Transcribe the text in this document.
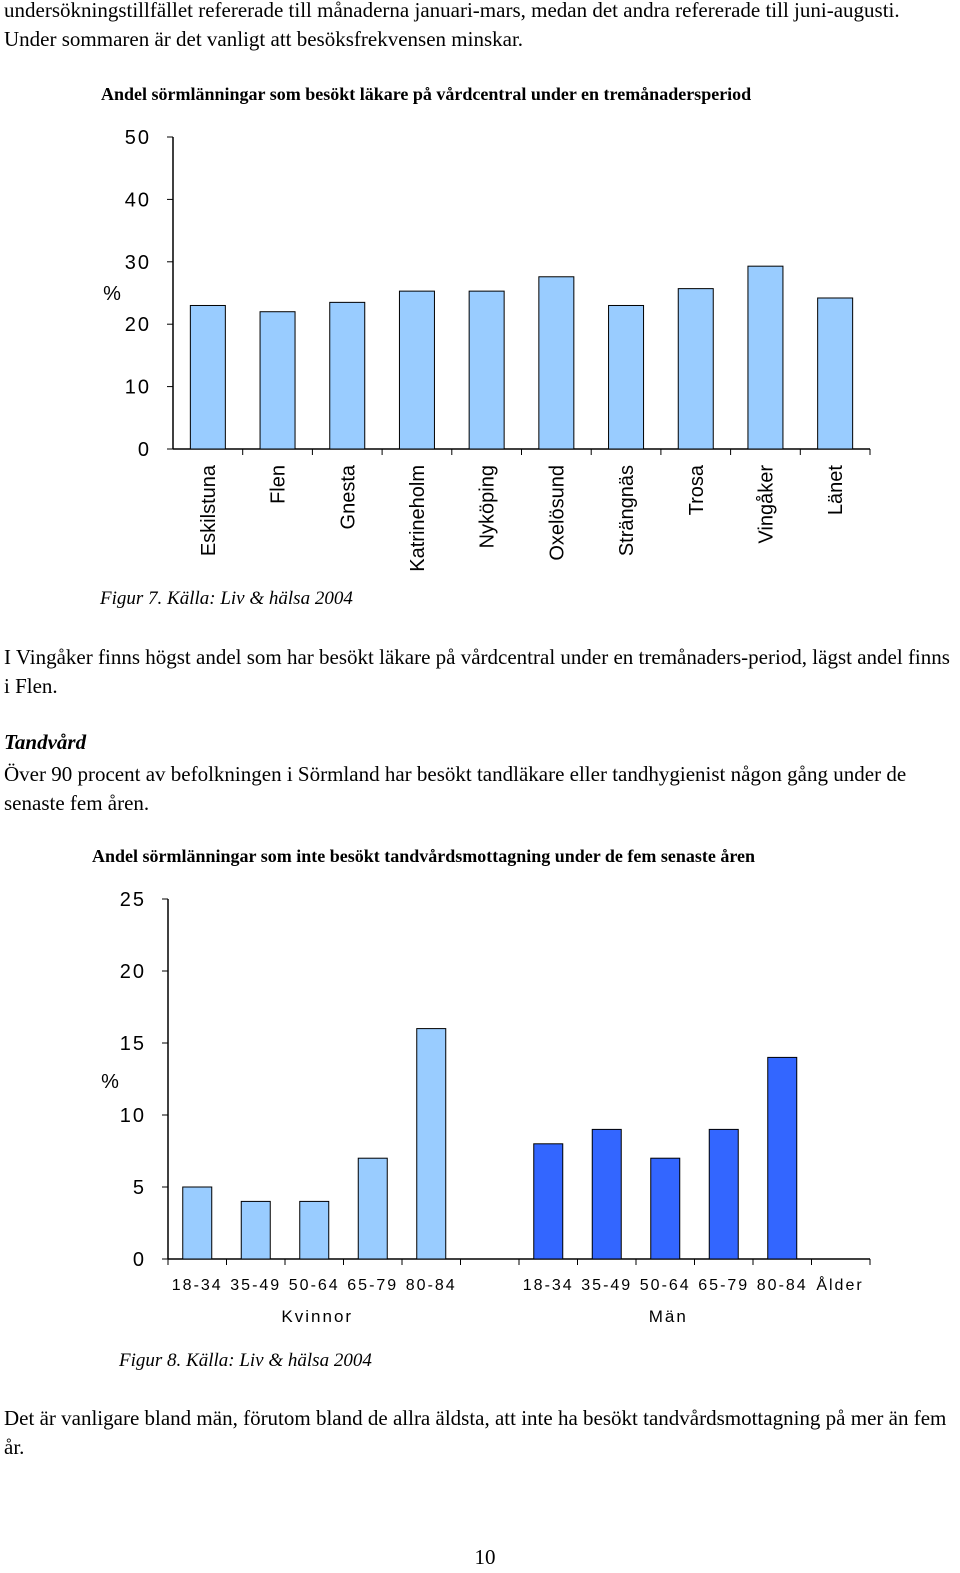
undersökningstillfället refererade till månaderna januari-mars, medan det andra refererade till juni-augusti. Under sommaren är det vanligt att besöksfrekvensen minskar.

Andel sörmlänningar som besökt läkare på vårdcentral under en tremånadersperiod
0
10
20
30
40
50
%
Eskilstuna Flen Gnesta Katrineholm Nyköping Oxelösund Strängnäs Trosa Vingåker Länet
Figur 7. Källa: Liv & hälsa 2004

I Vingåker finns högst andel som har besökt läkare på vårdcentral under en tremånaders-period, lägst andel finns i Flen.

Tandvård

Över 90 procent av befolkningen i Sörmland har besökt tandläkare eller tandhygienist någon gång under de senaste fem åren.

Andel sörmlänningar som inte besökt tandvårdsmottagning under de fem senaste åren
0
5
10
15
20
25
%
18-34 35-49 50-64 65-79 80-84
Kvinnor
18-34 35-49 50-64 65-79 80-84
Män
Ålder
Figur 8. Källa: Liv & hälsa 2004

Det är vanligare bland män, förutom bland de allra äldsta, att inte ha besökt tandvårdsmottagning på mer än fem år.

10
